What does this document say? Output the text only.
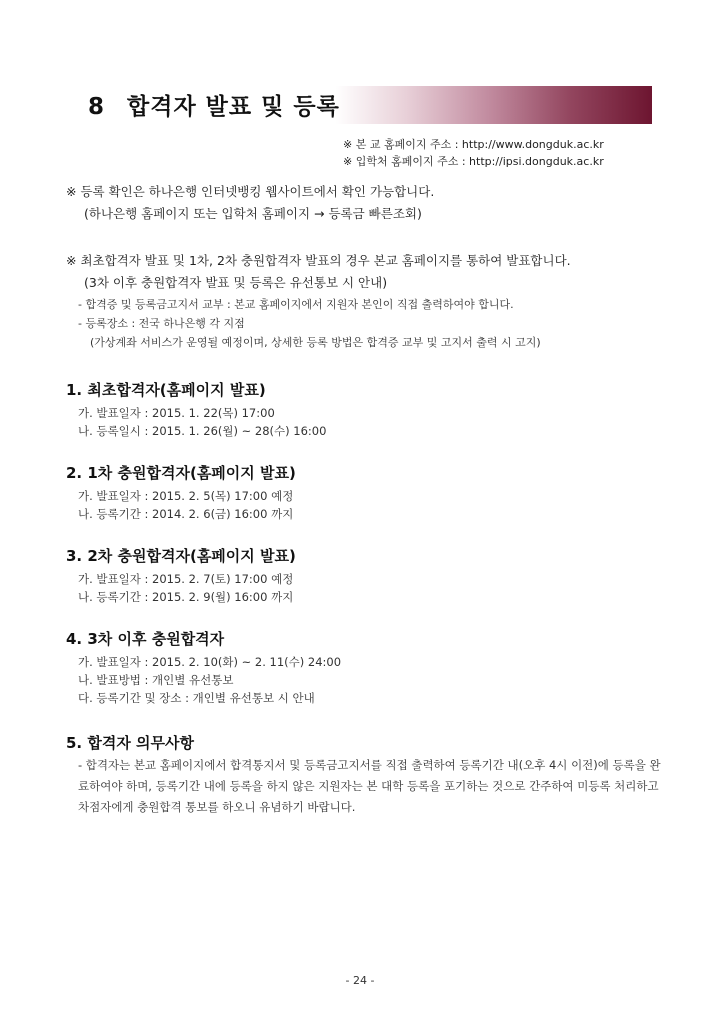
8 합격자 발표 및 등록
※ 본 교 홈페이지 주소 : http://www.dongduk.ac.kr
※ 입학처 홈페이지 주소 : http://ipsi.dongduk.ac.kr
※ 등록 확인은 하나은행 인터넷뱅킹 웹사이트에서 확인 가능합니다.
(하나은행 홈페이지 또는 입학처 홈페이지 → 등록금 빠른조회)
※ 최초합격자 발표 및 1차, 2차 충원합격자 발표의 경우 본교 홈페이지를 통하여 발표합니다.
(3차 이후 충원합격자 발표 및 등록은 유선통보 시 안내)
- 합격증 및 등록금고지서 교부 : 본교 홈페이지에서 지원자 본인이 직접 출력하여야 합니다.
- 등록장소 : 전국 하나은행 각 지점
(가상계좌 서비스가 운영될 예정이며, 상세한 등록 방법은 합격증 교부 및 고지서 출력 시 고지)
1. 최초합격자(홈페이지 발표)
가. 발표일자 : 2015. 1. 22(목) 17:00
나. 등록일시 : 2015. 1. 26(월) ~ 28(수) 16:00
2. 1차 충원합격자(홈페이지 발표)
가. 발표일자 : 2015. 2. 5(목) 17:00 예정
나. 등록기간 : 2014. 2. 6(금) 16:00 까지
3. 2차 충원합격자(홈페이지 발표)
가. 발표일자 : 2015. 2. 7(토) 17:00 예정
나. 등록기간 : 2015. 2. 9(월) 16:00 까지
4. 3차 이후 충원합격자
가. 발표일자 : 2015. 2. 10(화) ~ 2. 11(수) 24:00
나. 발표방법 : 개인별 유선통보
다. 등록기간 및 장소 : 개인별 유선통보 시 안내
5. 합격자 의무사항
- 합격자는 본교 홈페이지에서 합격통지서 및 등록금고지서를 직접 출력하여 등록기간 내(오후 4시 이전)에 등록을 완료하여야 하며, 등록기간 내에 등록을 하지 않은 지원자는 본 대학 등록을 포기하는 것으로 간주하여 미등록 처리하고 차점자에게 충원합격 통보를 하오니 유념하기 바랍니다.
- 24 -
